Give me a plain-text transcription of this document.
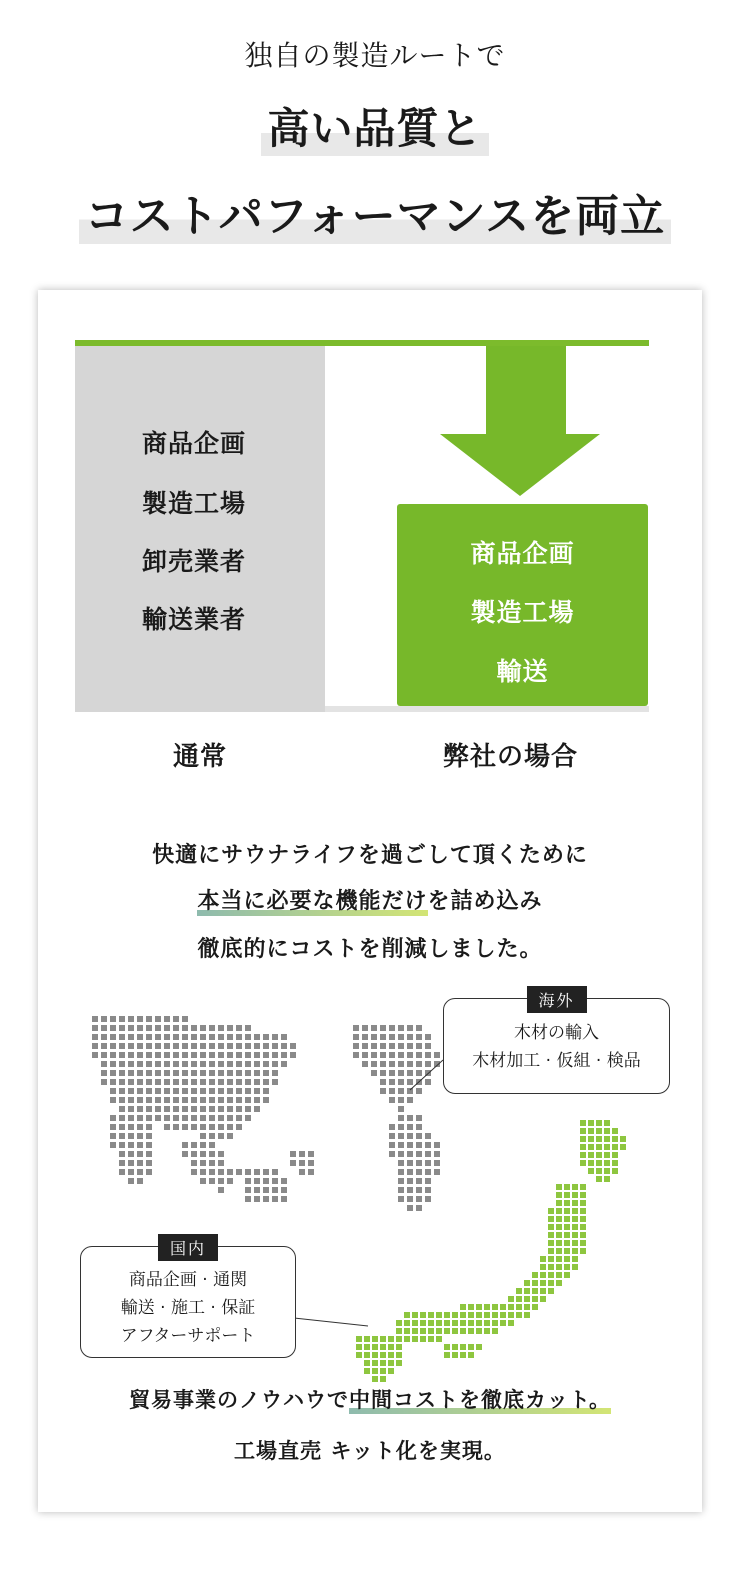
独自の製造ルートで
高い品質と
コストパフォーマンスを両立
商品企画
製造工場
卸売業者
輸送業者
商品企画
製造工場
輸送
通常	弊社の場合
快適にサウナライフを過ごして頂くために
本当に必要な機能だけを詰め込み
徹底的にコストを削減しました。
海外
木材の輸入
木材加工 · 仮組 · 検品
国内
商品企画 · 通関
輸送 · 施工 · 保証
アフターサポート
貿易事業のノウハウで中間コストを徹底カット。
工場直売 キット化を実現。
